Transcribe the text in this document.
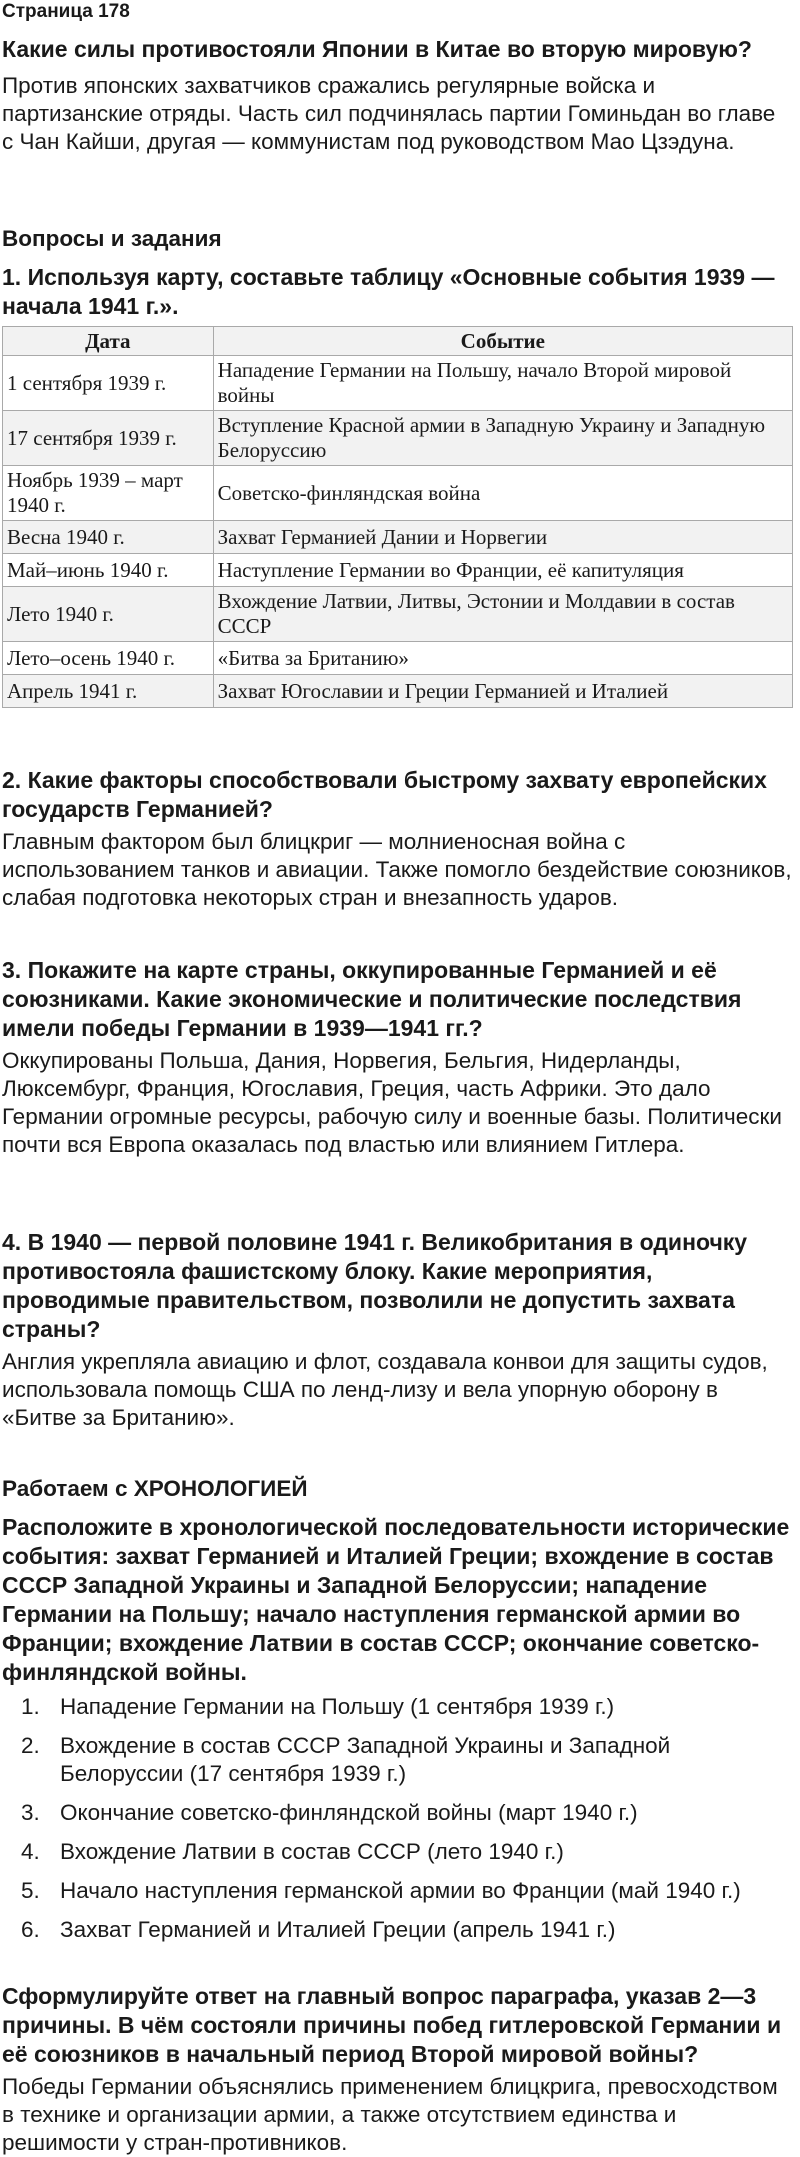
Страница 178

Какие силы противостояли Японии в Китае во вторую мировую?

Против японских захватчиков сражались регулярные войска и партизанские отряды. Часть сил подчинялась партии Гоминьдан во главе с Чан Кайши, другая — коммунистам под руководством Мао Цзэдуна.

Вопросы и задания

1. Используя карту, составьте таблицу «Основные события 1939 — начала 1941 г.».

Дата	Событие
1 сентября 1939 г.	Нападение Германии на Польшу, начало Второй мировой войны
17 сентября 1939 г.	Вступление Красной армии в Западную Украину и Западную Белоруссию
Ноябрь 1939 – март 1940 г.	Советско-финляндская война
Весна 1940 г.	Захват Германией Дании и Норвегии
Май–июнь 1940 г.	Наступление Германии во Франции, её капитуляция
Лето 1940 г.	Вхождение Латвии, Литвы, Эстонии и Молдавии в состав СССР
Лето–осень 1940 г.	«Битва за Британию»
Апрель 1941 г.	Захват Югославии и Греции Германией и Италией

2. Какие факторы способствовали быстрому захвату европейских государств Германией?

Главным фактором был блицкриг — молниеносная война с использованием танков и авиации. Также помогло бездействие союзников, слабая подготовка некоторых стран и внезапность ударов.

3. Покажите на карте страны, оккупированные Германией и её союзниками. Какие экономические и политические последствия имели победы Германии в 1939—1941 гг.?

Оккупированы Польша, Дания, Норвегия, Бельгия, Нидерланды, Люксембург, Франция, Югославия, Греция, часть Африки. Это дало Германии огромные ресурсы, рабочую силу и военные базы. Политически почти вся Европа оказалась под властью или влиянием Гитлера.

4. В 1940 — первой половине 1941 г. Великобритания в одиночку противостояла фашистскому блоку. Какие мероприятия, проводимые правительством, позволили не допустить захвата страны?

Англия укрепляла авиацию и флот, создавала конвои для защиты судов, использовала помощь США по ленд-лизу и вела упорную оборону в «Битве за Британию».

Работаем с ХРОНОЛОГИЕЙ

Расположите в хронологической последовательности исторические события: захват Германией и Италией Греции; вхождение в состав СССР Западной Украины и Западной Белоруссии; нападение Германии на Польшу; начало наступления германской армии во Франции; вхождение Латвии в состав СССР; окончание советско-финляндской войны.

1. Нападение Германии на Польшу (1 сентября 1939 г.)
2. Вхождение в состав СССР Западной Украины и Западной Белоруссии (17 сентября 1939 г.)
3. Окончание советско-финляндской войны (март 1940 г.)
4. Вхождение Латвии в состав СССР (лето 1940 г.)
5. Начало наступления германской армии во Франции (май 1940 г.)
6. Захват Германией и Италией Греции (апрель 1941 г.)

Сформулируйте ответ на главный вопрос параграфа, указав 2—3 причины. В чём состояли причины побед гитлеровской Германии и её союзников в начальный период Второй мировой войны?

Победы Германии объяснялись применением блицкрига, превосходством в технике и организации армии, а также отсутствием единства и решимости у стран-противников.
